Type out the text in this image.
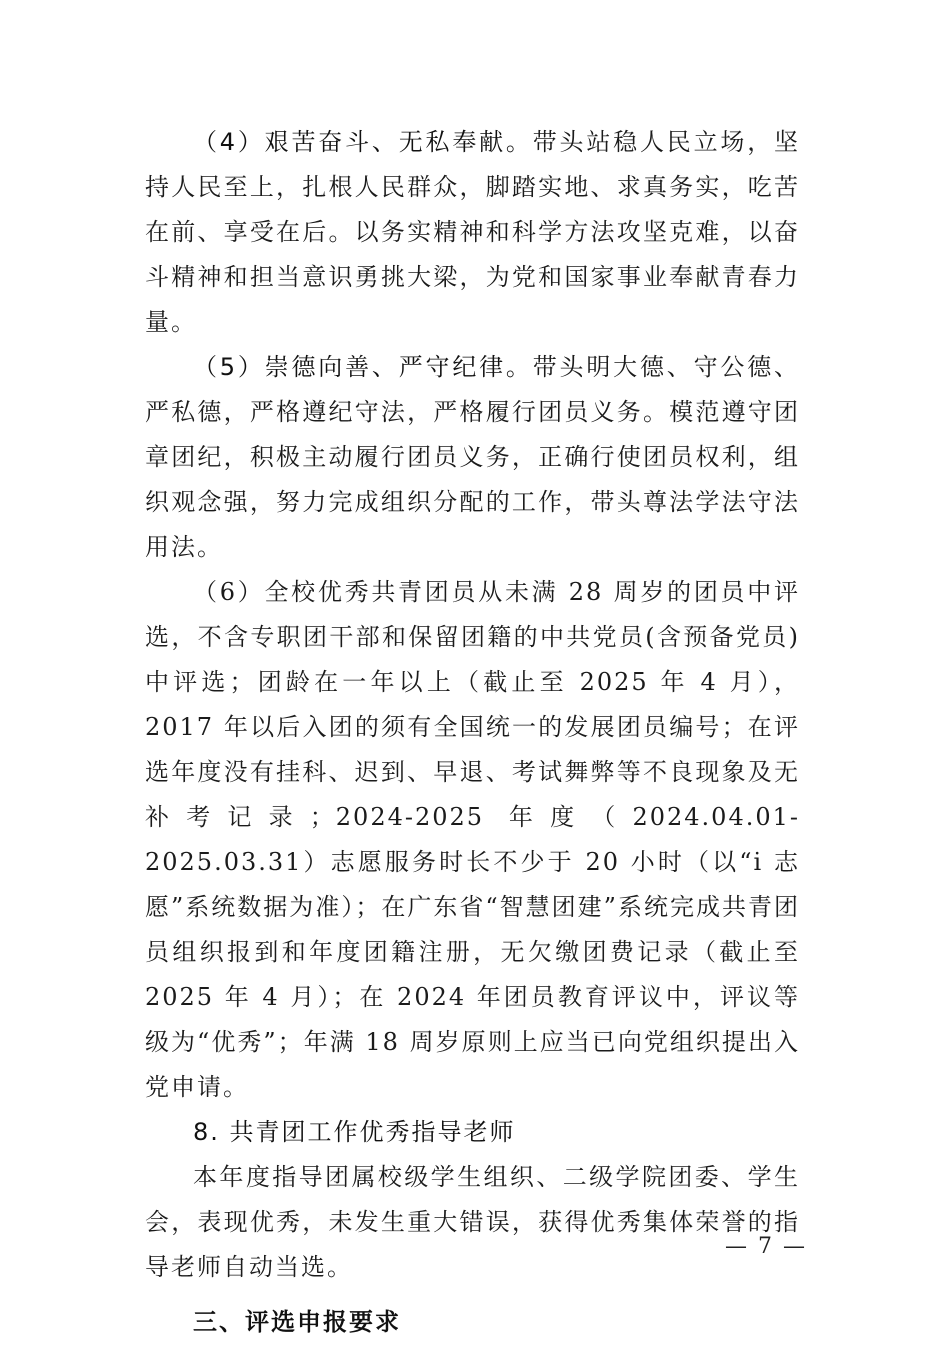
（4）艰苦奋斗、无私奉献。带头站稳人民立场，坚持人民至上，扎根人民群众，脚踏实地、求真务实，吃苦在前、享受在后。以务实精神和科学方法攻坚克难，以奋斗精神和担当意识勇挑大梁，为党和国家事业奉献青春力量。

（5）崇德向善、严守纪律。带头明大德、守公德、严私德，严格遵纪守法，严格履行团员义务。模范遵守团章团纪，积极主动履行团员义务，正确行使团员权利，组织观念强，努力完成组织分配的工作，带头尊法学法守法用法。

（6）全校优秀共青团员从未满 28 周岁的团员中评选，不含专职团干部和保留团籍的中共党员(含预备党员)中评选；团龄在一年以上（截止至 2025 年 4 月），2017 年以后入团的须有全国统一的发展团员编号；在评选年度没有挂科、迟到、早退、考试舞弊等不良现象及无补考记录；2024-2025 年度（2024.04.01-2025.03.31）志愿服务时长不少于 20 小时（以“i 志愿”系统数据为准）；在广东省“智慧团建”系统完成共青团员组织报到和年度团籍注册，无欠缴团费记录（截止至 2025 年 4 月）；在 2024 年团员教育评议中，评议等级为“优秀”；年满 18 周岁原则上应当已向党组织提出入党申请。

8. 共青团工作优秀指导老师

本年度指导团属校级学生组织、二级学院团委、学生会，表现优秀，未发生重大错误，获得优秀集体荣誉的指导老师自动当选。

三、评选申报要求

— 7 —
